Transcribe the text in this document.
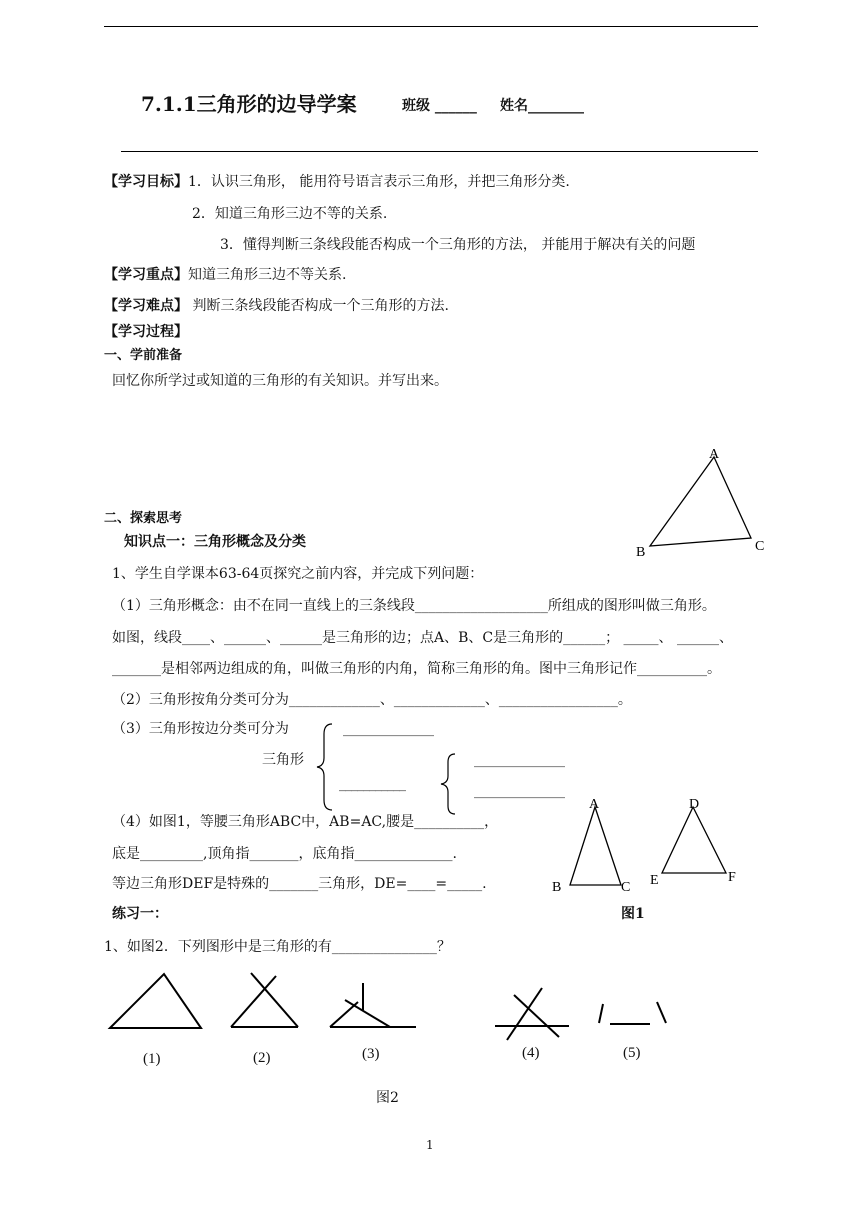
7.1.1三角形的边导学案	班级 ______ 姓名________
【学习目标】1．认识三角形， 能用符号语言表示三角形，并把三角形分类.
2．知道三角形三边不等的关系.
3．懂得判断三条线段能否构成一个三角形的方法， 并能用于解决有关的问题
【学习重点】知道三角形三边不等关系.
【学习难点】 判断三条线段能否构成一个三角形的方法.
【学习过程】
一、学前准备
回忆你所学过或知道的三角形的有关知识。并写出来。
A
B	C
二、探索思考
知识点一：三角形概念及分类
1、学生自学课本63-64页探究之前内容，并完成下列问题：
（1）三角形概念：由不在同一直线上的三条线段___________________所组成的图形叫做三角形。
如图，线段____、______、______是三角形的边；点A、B、C是三角形的______； _____、 ______、
_______是相邻两边组成的角，叫做三角形的内角，简称三角形的角。图中三角形记作__________。
（2）三角形按角分类可分为_____________、_____________、_________________。
（3）三角形按边分类可分为
三角形
_____________
___________
_____________
_____________
（4）如图1，等腰三角形ABC中，AB=AC,腰是__________，
底是_________,顶角指_______，底角指______________.
等边三角形DEF是特殊的_______三角形，DE=____=_____.
A
B	C
D
E	F
练习一：	图1
1、如图2．下列图形中是三角形的有_______________？
(1)	(2)	(3)	(4)	(5)
图2
1
